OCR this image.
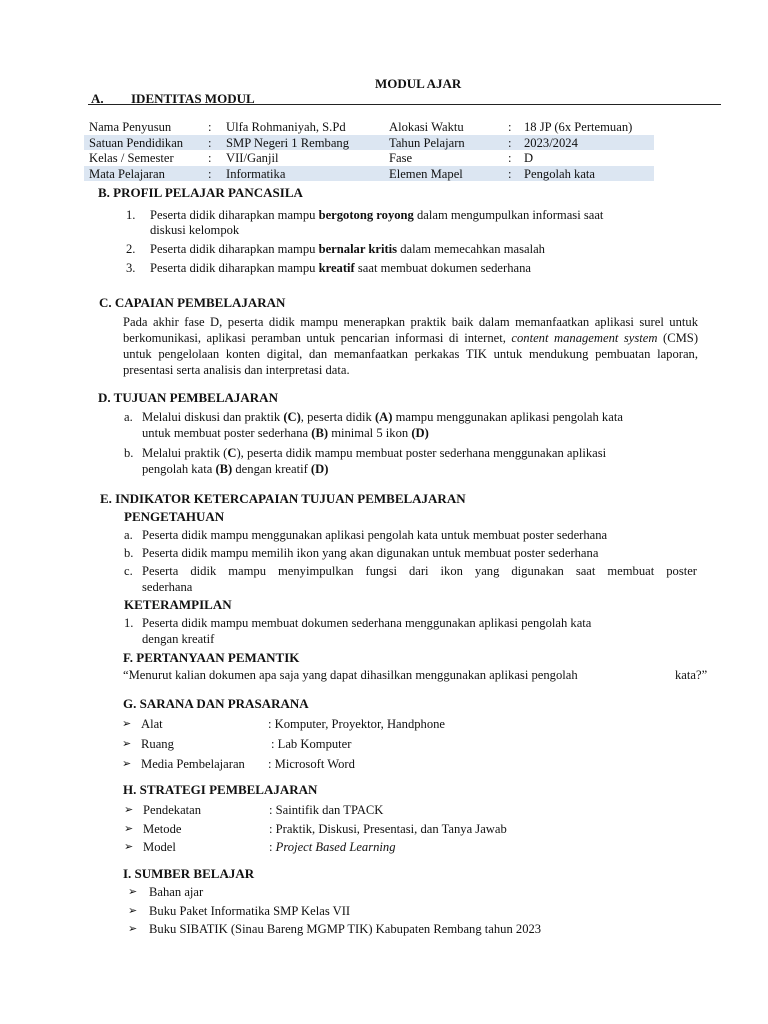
MODUL AJAR
A. IDENTITAS MODUL
Nama Penyusun	: Ulfa Rohmaniyah, S.Pd	Alokasi Waktu	: 18 JP (6x Pertemuan)
Satuan Pendidikan : SMP Negeri 1 Rembang	Tahun Pelajarn	: 2023/2024
Kelas / Semester	: VII/Ganjil	Fase	: D
Mata Pelajaran	: Informatika	Elemen Mapel	: Pengolah kata
B. PROFIL PELAJAR PANCASILA
1. Peserta didik diharapkan mampu bergotong royong dalam mengumpulkan informasi saat
diskusi kelompok
2. Peserta didik diharapkan mampu bernalar kritis dalam memecahkan masalah
3. Peserta didik diharapkan mampu kreatif saat membuat dokumen sederhana
C. CAPAIAN PEMBELAJARAN
Pada akhir fase D, peserta didik mampu menerapkan praktik baik dalam memanfaatkan aplikasi surel untuk berkomunikasi, aplikasi peramban untuk pencarian informasi di internet, content management system (CMS) untuk pengelolaan konten digital, dan memanfaatkan perkakas TIK untuk mendukung pembuatan laporan, presentasi serta analisis dan interpretasi data.
D. TUJUAN PEMBELAJARAN
a. Melalui diskusi dan praktik (C), peserta didik (A) mampu menggunakan aplikasi pengolah kata
untuk membuat poster sederhana (B) minimal 5 ikon (D)
b. Melalui praktik (C), peserta didik mampu membuat poster sederhana menggunakan aplikasi
pengolah kata (B) dengan kreatif (D)
E. INDIKATOR KETERCAPAIAN TUJUAN PEMBELAJARAN
PENGETAHUAN
a. Peserta didik mampu menggunakan aplikasi pengolah kata untuk membuat poster sederhana
b. Peserta didik mampu memilih ikon yang akan digunakan untuk membuat poster sederhana
c. Peserta didik mampu menyimpulkan fungsi dari ikon yang digunakan saat membuat poster
sederhana
KETERAMPILAN
1. Peserta didik mampu membuat dokumen sederhana menggunakan aplikasi pengolah kata
dengan kreatif
F. PERTANYAAN PEMANTIK
“Menurut kalian dokumen apa saja yang dapat dihasilkan menggunakan aplikasi pengolah	kata?”
G. SARANA DAN PRASARANA
➢ Alat	: Komputer, Proyektor, Handphone
➢ Ruang	: Lab Komputer
➢ Media Pembelajaran : Microsoft Word
H. STRATEGI PEMBELAJARAN
➢ Pendekatan	: Saintifik dan TPACK
➢ Metode	: Praktik, Diskusi, Presentasi, dan Tanya Jawab
➢ Model	: Project Based Learning
I. SUMBER BELAJAR
➢ Bahan ajar
➢ Buku Paket Informatika SMP Kelas VII
➢ Buku SIBATIK (Sinau Bareng MGMP TIK) Kabupaten Rembang tahun 2023
